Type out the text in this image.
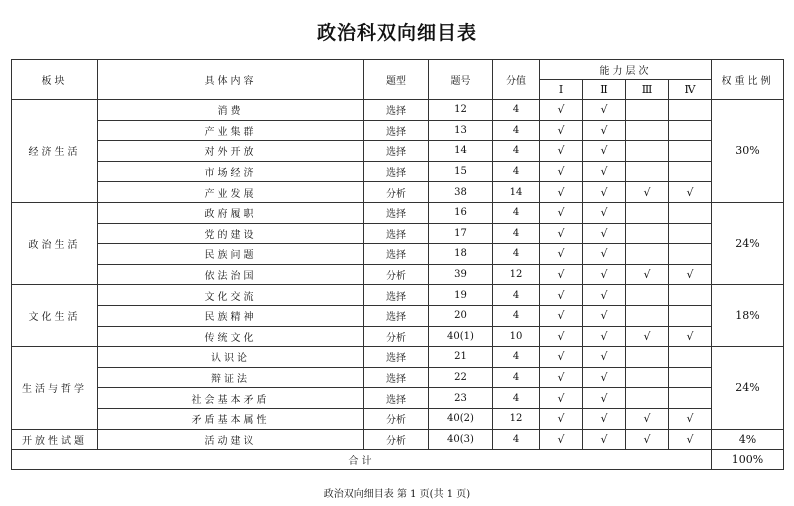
政治科双向细目表
板块	具体内容	题型	题号	分值	能力层次				权重比例
					Ⅰ	Ⅱ	Ⅲ	Ⅳ	
经济生活	消费	选择	12	4	√	√			30%
	产业集群	选择	13	4	√	√			
	对外开放	选择	14	4	√	√			
	市场经济	选择	15	4	√	√			
	产业发展	分析	38	14	√	√	√	√	
政治生活	政府履职	选择	16	4	√	√			24%
	党的建设	选择	17	4	√	√			
	民族问题	选择	18	4	√	√			
	依法治国	分析	39	12	√	√	√	√	
文化生活	文化交流	选择	19	4	√	√			18%
	民族精神	选择	20	4	√	√			
	传统文化	分析	40(1)	10	√	√	√	√	
生活与哲学	认识论	选择	21	4	√	√			24%
	辩证法	选择	22	4	√	√			
	社会基本矛盾	选择	23	4	√	√			
	矛盾基本属性	分析	40(2)	12	√	√	√	√	
开放性试题	活动建议	分析	40(3)	4	√	√	√	√	4%
合计									100%
政治双向细目表 第 1 页(共 1 页)
